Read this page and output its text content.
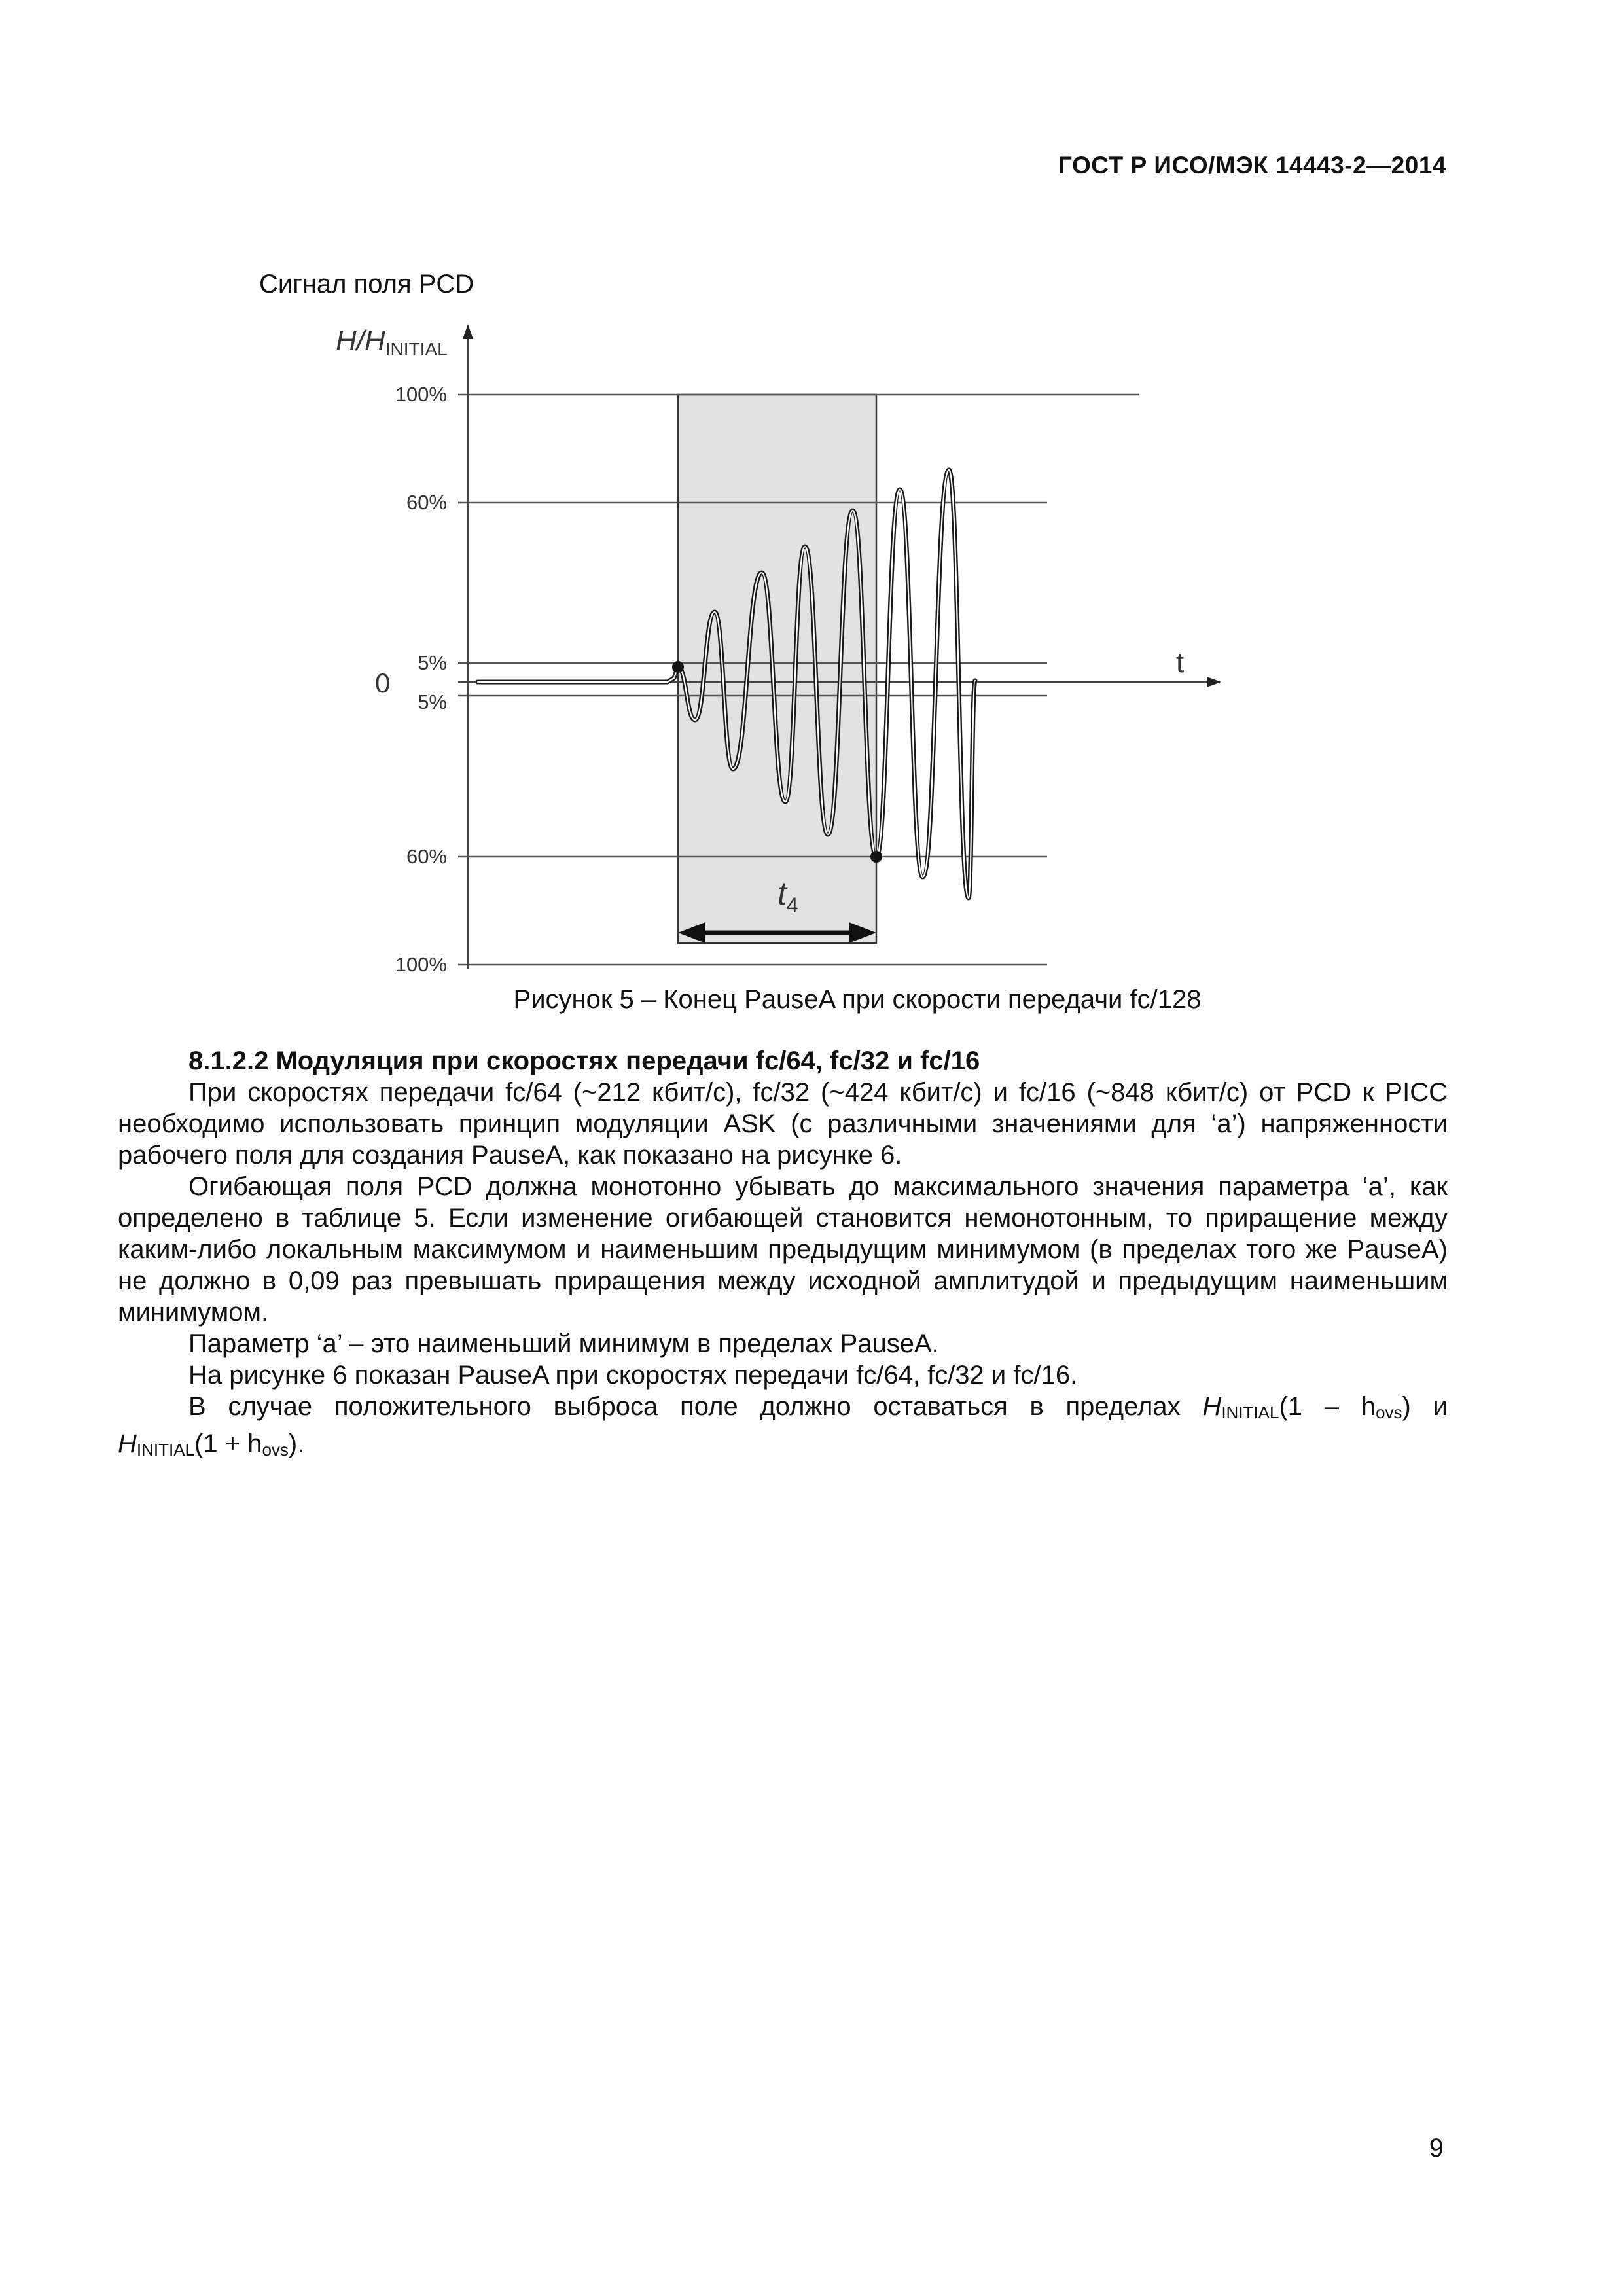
ГОСТ Р ИСО/МЭК 14443-2—2014
Сигнал поля PCD
100%
60%
5%
5%
60%
100%
0
t
H/HINITIAL
$t_4$
Рисунок 5 – Конец PauseA при скорости передачи fc/128

8.1.2.2 Модуляция при скоростях передачи fc/64, fc/32 и fc/16

При скоростях передачи fc/64 (~212 кбит/с), fc/32 (~424 кбит/с) и fc/16 (~848 кбит/с) от PCD к PICC необходимо использовать принцип модуляции ASK (с различными значениями для ‘a’) напряженности рабочего поля для создания PauseA, как показано на рисунке 6.

Огибающая поля PCD должна монотонно убывать до максимального значения параметра ‘a’, как определено в таблице 5. Если изменение огибающей становится немонотонным, то приращение между каким-либо локальным максимумом и наименьшим предыдущим минимумом (в пределах того же PauseA) не должно в 0,09 раз превышать приращения между исходной амплитудой и предыдущим наименьшим минимумом.

Параметр ‘a’ – это наименьший минимум в пределах PauseA.

На рисунке 6 показан PauseA при скоростях передачи fc/64, fc/32 и fc/16.

В случае положительного выброса поле должно оставаться в пределах $H_{INITIAL}(1 - h_{ovs})$ и

$H_{INITIAL}(1 + h_{ovs})$.

9
